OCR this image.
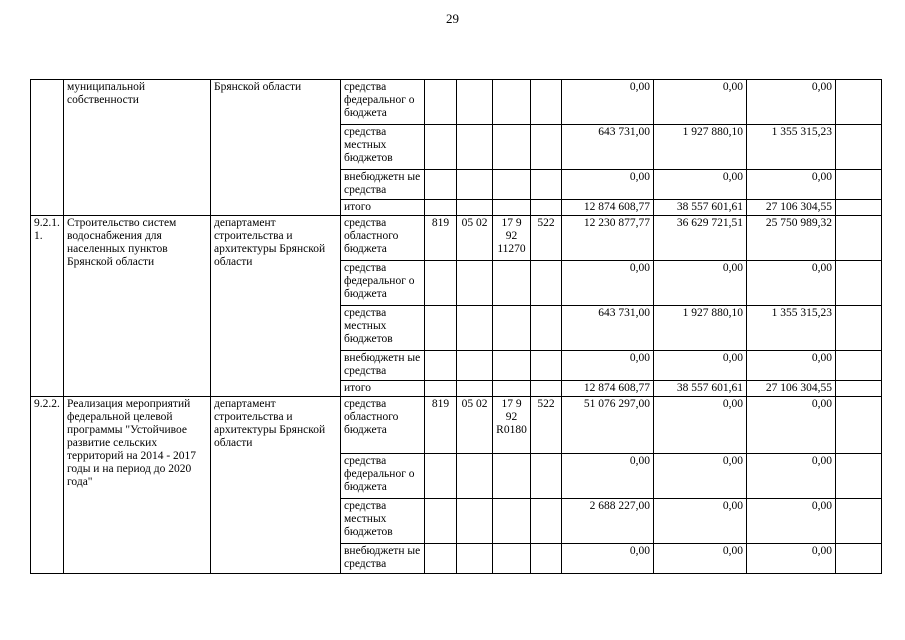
29
	муниципальной собственности	Брянской области	средства федеральног о бюджета					0,00	0,00	0,00	
			средства местных бюджетов					643 731,00	1 927 880,10	1 355 315,23	
			внебюджетн ые средства					0,00	0,00	0,00	
			итого					12 874 608,77	38 557 601,61	27 106 304,55	
9.2.1. 1.	Строительство систем водоснабжения для населенных пунктов Брянской области	департамент строительства и архитектуры Брянской области	средства областного бюджета	819	05 02	17 9 92 11270	522	12 230 877,77	36 629 721,51	25 750 989,32	
			средства федеральног о бюджета					0,00	0,00	0,00	
			средства местных бюджетов					643 731,00	1 927 880,10	1 355 315,23	
			внебюджетн ые средства					0,00	0,00	0,00	
			итого					12 874 608,77	38 557 601,61	27 106 304,55	
9.2.2.	Реализация мероприятий федеральной целевой программы "Устойчивое развитие сельских территорий на 2014 - 2017 годы и на период до 2020 года"	департамент строительства и архитектуры Брянской области	средства областного бюджета	819	05 02	17 9 92 R0180	522	51 076 297,00	0,00	0,00	
			средства федеральног о бюджета					0,00	0,00	0,00	
			средства местных бюджетов					2 688 227,00	0,00	0,00	
			внебюджетн ые средства					0,00	0,00	0,00	
